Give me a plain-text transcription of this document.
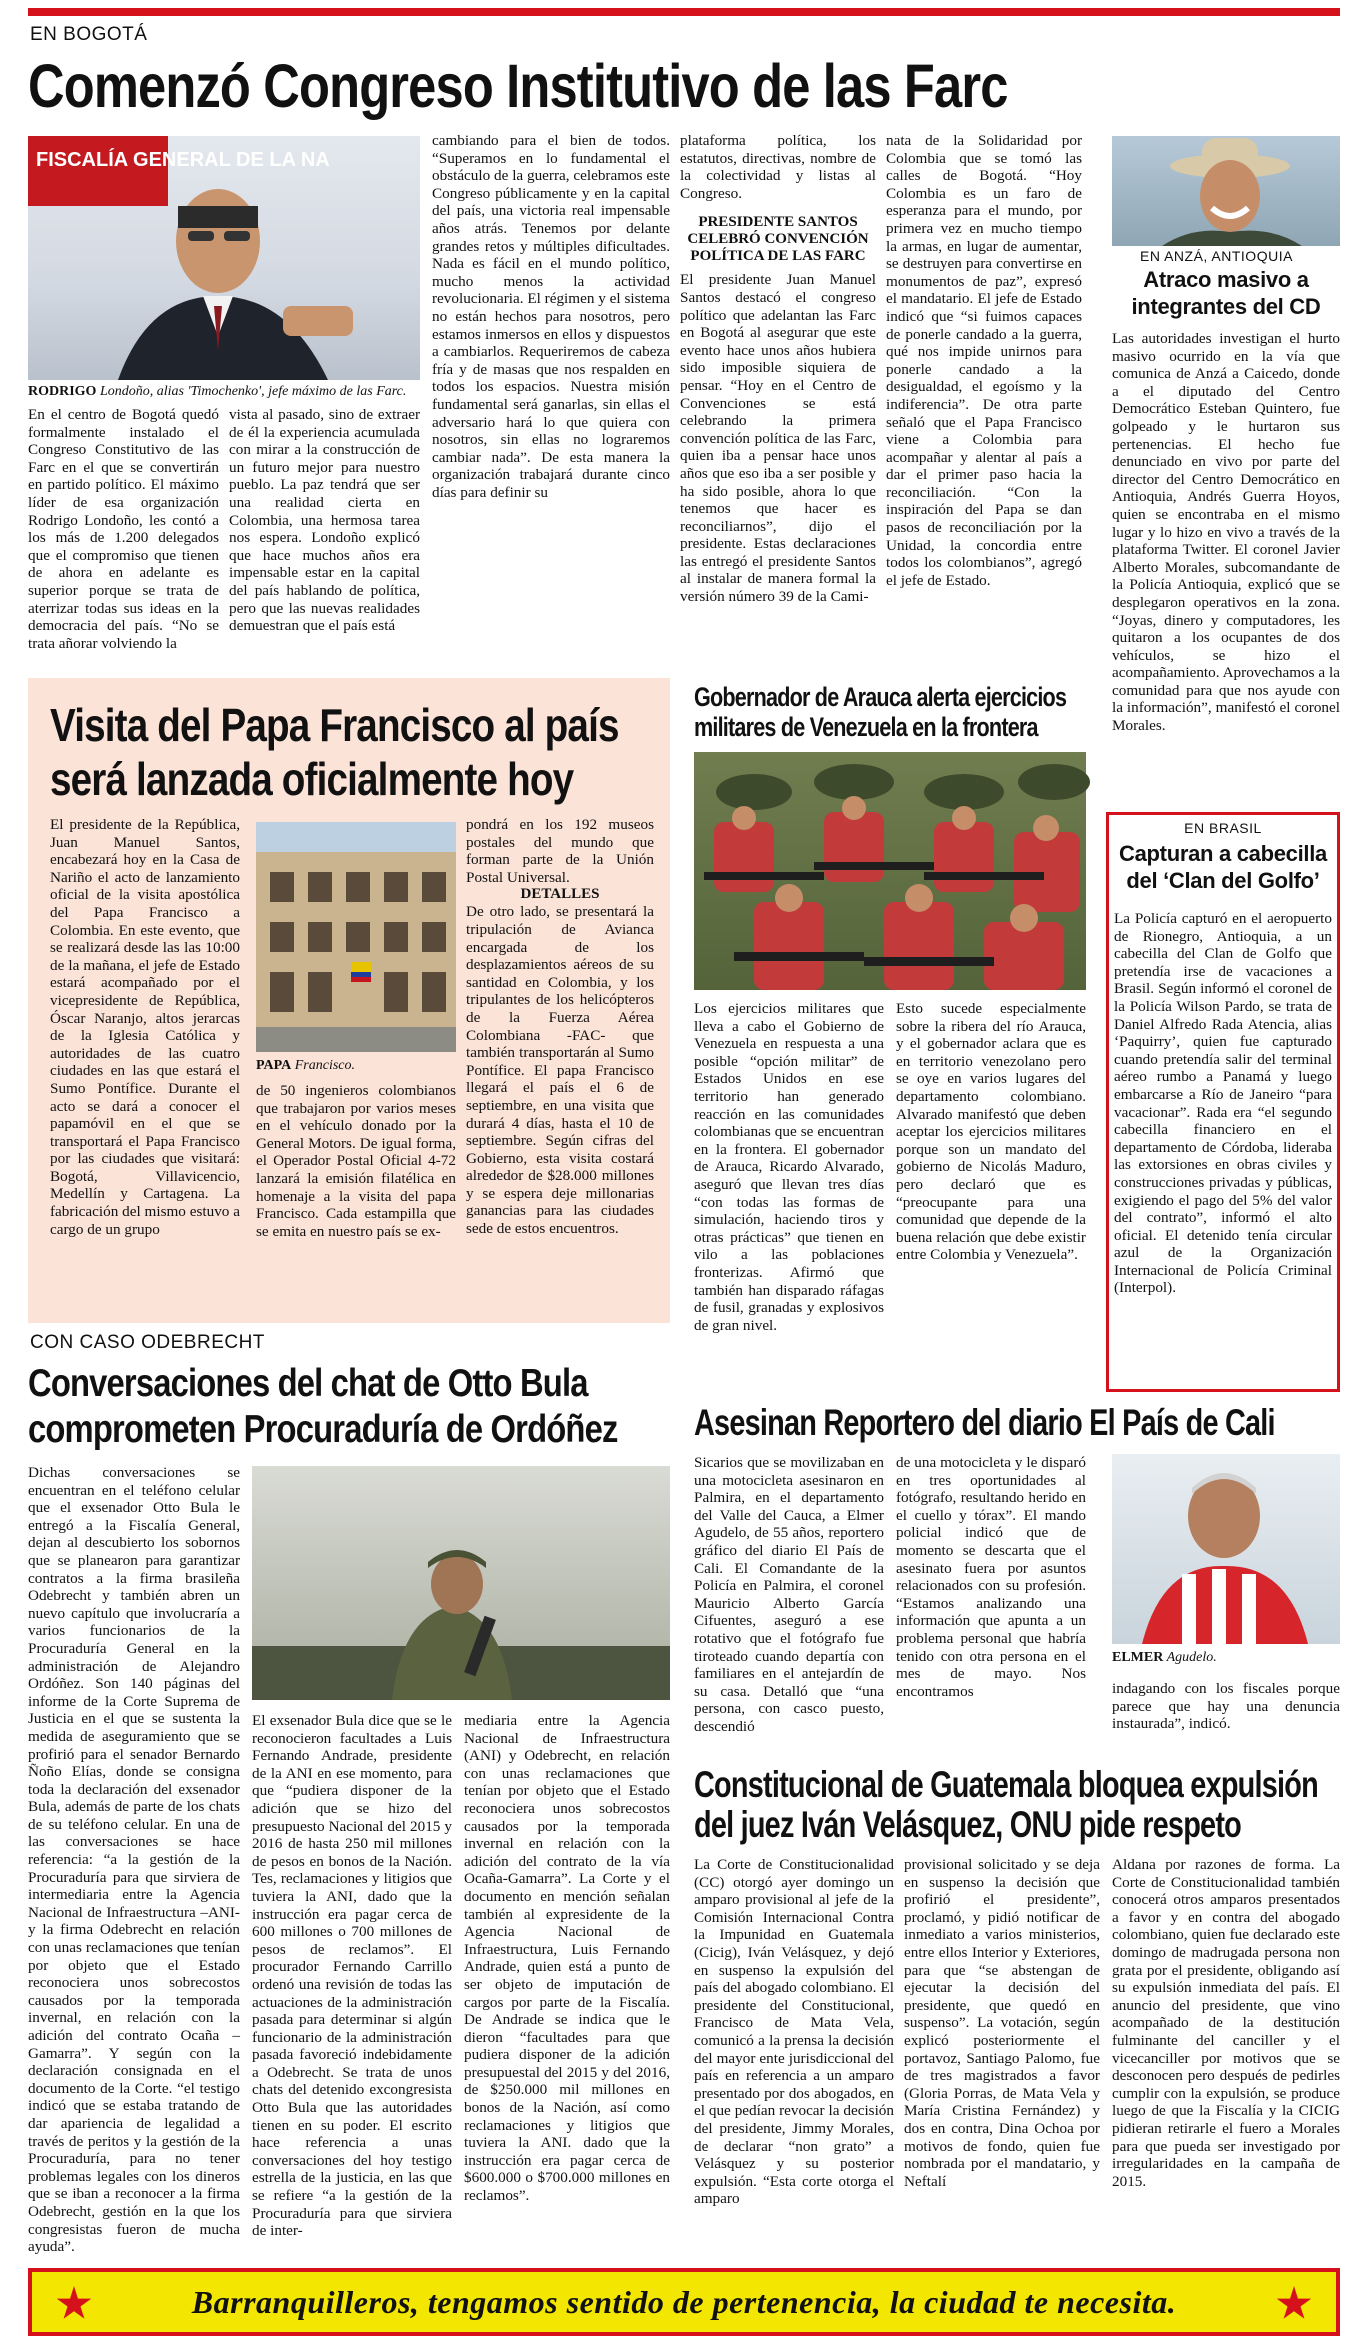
EN BOGOTÁ
Comenzó Congreso Institutivo de las Farc
FISCALÍA GENERAL DE LA NA
RODRIGO Londoño, alias 'Timochenko', jefe máximo de las Farc.
En el centro de Bogotá quedó formalmente instalado el Congreso Constitutivo de las Farc en el que se convertirán en partido político. El máximo líder de esa organización Rodrigo Londoño, les contó a los más de 1.200 delegados que el compromiso que tienen de ahora en adelante es superior porque se trata de aterrizar todas sus ideas en la democracia del país. “No se trata añorar volviendo la
vista al pasado, sino de extraer de él la experiencia acumulada con mirar a la construcción de un futuro mejor para nuestro pueblo. La paz tendrá que ser una realidad cierta en Colombia, una hermosa tarea nos espera. Londoño explicó que hace muchos años era impensable estar en la capital del país hablando de política, pero que las nuevas realidades demuestran que el país está
cambiando para el bien de todos. “Superamos en lo fundamental el obstáculo de la guerra, celebramos este Congreso públicamente y en la capital del país, una victoria real impensable años atrás. Tenemos por delante grandes retos y múltiples dificultades. Nada es fácil en el mundo político, mucho menos la actividad revolucionaria. El régimen y el sistema no están hechos para nosotros, pero estamos inmersos en ellos y dispuestos a cambiarlos. Requeriremos de cabeza fría y de masas que nos respalden en todos los espacios. Nuestra misión fundamental será ganarlas, sin ellas el adversario hará lo que quiera con nosotros, sin ellas no lograremos cambiar nada”. De esta manera la organización trabajará durante cinco días para definir su

plataforma política, los estatutos, directivas, nombre de la colectividad y listas al Congreso.

PRESIDENTE SANTOS CELEBRÓ CONVENCIÓN POLÍTICA DE LAS FARC

El presidente Juan Manuel Santos destacó el congreso político que adelantan las Farc en Bogotá al asegurar que este evento hace unos años hubiera sido imposible siquiera de pensar. “Hoy en el Centro de Convenciones se está celebrando la primera convención política de las Farc, quien iba a pensar hace unos años que eso iba a ser posible y ha sido posible, ahora lo que tenemos que hacer es reconciliarnos”, dijo el presidente. Estas declaraciones las entregó el presidente Santos al instalar de manera formal la versión número 39 de la Cami-

nata de la Solidaridad por Colombia que se tomó las calles de Bogotá. “Hoy Colombia es un faro de esperanza para el mundo, por primera vez en mucho tiempo la armas, en lugar de aumentar, se destruyen para convertirse en monumentos de paz”, expresó el mandatario. El jefe de Estado indicó que “si fuimos capaces de ponerle candado a la guerra, qué nos impide unirnos para ponerle candado a la desigualdad, el egoísmo y la indiferencia”. De otra parte señaló que el Papa Francisco viene a Colombia para acompañar y alentar al país a dar el primer paso hacia la reconciliación. “Con la inspiración del Papa se dan pasos de reconciliación por la Unidad, la concordia entre todos los colombianos”, agregó el jefe de Estado.
EN ANZÁ, ANTIOQUIA
Atraco masivo a integrantes del CD
Las autoridades investigan el hurto masivo ocurrido en la vía que comunica de Anzá a Caicedo, donde a el diputado del Centro Democrático Esteban Quintero, fue golpeado y le hurtaron sus pertenencias. El hecho fue denunciado en vivo por parte del director del Centro Democrático en Antioquia, Andrés Guerra Hoyos, quien se encontraba en el mismo lugar y lo hizo en vivo a través de la plataforma Twitter. El coronel Javier Alberto Morales, subcomandante de la Policía Antioquia, explicó que se desplegaron operativos en la zona. “Joyas, dinero y computadores, les quitaron a los ocupantes de dos vehículos, se hizo el acompañamiento. Aprovechamos a la comunidad para que nos ayude con la información”, manifestó el coronel Morales.
Visita del Papa Francisco al país
será lanzada oficialmente hoy
El presidente de la República, Juan Manuel Santos, encabezará hoy en la Casa de Nariño el acto de lanzamiento oficial de la visita apostólica del Papa Francisco a Colombia. En este evento, que se realizará desde las las 10:00 de la mañana, el jefe de Estado estará acompañado por el vicepresidente de República, Óscar Naranjo, altos jerarcas de la Iglesia Católica y autoridades de las cuatro ciudades en las que estará el Sumo Pontífice. Durante el acto se dará a conocer el papamóvil en el que se transportará el Papa Francisco por las ciudades que visitará: Bogotá, Villavicencio, Medellín y Cartagena. La fabricación del mismo estuvo a cargo de un grupo
PAPA Francisco.
de 50 ingenieros colombianos que trabajaron por varios meses en el vehículo donado por la General Motors. De igual forma, el Operador Postal Oficial 4-72 lanzará la emisión filatélica en homenaje a la visita del papa Francisco. Cada estampilla que se emita en nuestro país se ex-

pondrá en los 192 museos postales del mundo que forman parte de la Unión Postal Universal.

DETALLES

De otro lado, se presentará la tripulación de Avianca encargada de los desplazamientos aéreos de su santidad en Colombia, y los tripulantes de los helicópteros de la Fuerza Aérea Colombiana -FAC- que también transportarán al Sumo Pontífice. El papa Francisco llegará el país el 6 de septiembre, en una visita que durará 4 días, hasta el 10 de septiembre. Según cifras del Gobierno, esta visita costará alrededor de $28.000 millones y se espera deje millonarias ganancias para las ciudades sede de estos encuentros.

Gobernador de Arauca alerta ejercicios
militares de Venezuela en la frontera
Los ejercicios militares que lleva a cabo el Gobierno de Venezuela en respuesta a una posible “opción militar” de Estados Unidos en ese territorio han generado reacción en las comunidades colombianas que se encuentran en la frontera. El gobernador de Arauca, Ricardo Alvarado, aseguró que llevan tres días “con todas las formas de simulación, haciendo tiros y otras prácticas” que tienen en vilo a las poblaciones fronterizas. Afirmó que también han disparado ráfagas de fusil, granadas y explosivos de gran nivel.
Esto sucede especialmente sobre la ribera del río Arauca, y el gobernador aclara que es en territorio venezolano pero se oye en varios lugares del departamento colombiano. Alvarado manifestó que deben aceptar los ejercicios militares porque son un mandato del gobierno de Nicolás Maduro, pero declaró que es “preocupante para una comunidad que depende de la buena relación que debe existir entre Colombia y Venezuela”.
EN BRASIL
Capturan a cabecilla del ‘Clan del Golfo’
La Policía capturó en el aeropuerto de Rionegro, Antioquia, a un cabecilla del Clan de Golfo que pretendía irse de vacaciones a Brasil. Según informó el coronel de la Policía Wilson Pardo, se trata de Daniel Alfredo Rada Atencia, alias ‘Paquirry’, quien fue capturado cuando pretendía salir del terminal aéreo rumbo a Panamá y luego embarcarse a Río de Janeiro “para vacacionar”. Rada era “el segundo cabecilla financiero en el departamento de Córdoba, lideraba las extorsiones en obras civiles y construcciones privadas y públicas, exigiendo el pago del 5% del valor del contrato”, informó el alto oficial. El detenido tenía circular azul de la Organización Internacional de Policía Criminal (Interpol).
CON CASO ODEBRECHT
Conversaciones del chat de Otto Bula
comprometen Procuraduría de Ordóñez
Dichas conversaciones se encuentran en el teléfono celular que el exsenador Otto Bula le entregó a la Fiscalía General, dejan al descubierto los sobornos que se planearon para garantizar contratos a la firma brasileña Odebrecht y también abren un nuevo capítulo que involucraría a varios funcionarios de la Procuraduría General en la administración de Alejandro Ordóñez. Son 140 páginas del informe de la Corte Suprema de Justicia en el que se sustenta la medida de aseguramiento que se profirió para el senador Bernardo Ñoño Elías, donde se consigna toda la declaración del exsenador Bula, además de parte de los chats de su teléfono celular. En una de las conversaciones se hace referencia: “a la gestión de la Procuraduría para que sirviera de intermediaria entre la Agencia Nacional de Infraestructura –ANI- y la firma Odebrecht en relación con unas reclamaciones que tenían por objeto que el Estado reconociera unos sobrecostos causados por la temporada invernal, en relación con la adición del contrato Ocaña –Gamarra”. Y según con la declaración consignada en el documento de la Corte. “el testigo indicó que se estaba tratando de dar apariencia de legalidad a través de peritos y la gestión de la Procuraduría, para no tener problemas legales con los dineros que se iban a reconocer a la firma Odebrecht, gestión en la que los congresistas fueron de mucha ayuda”.
El exsenador Bula dice que se le reconocieron facultades a Luis Fernando Andrade, presidente de la ANI en ese momento, para que “pudiera disponer de la adición que se hizo del presupuesto Nacional del 2015 y 2016 de hasta 250 mil millones de pesos en bonos de la Nación. Tes, reclamaciones y litigios que tuviera la ANI, dado que la instrucción era pagar cerca de 600 millones o 700 millones de pesos de reclamos”. El procurador Fernando Carrillo ordenó una revisión de todas las actuaciones de la administración pasada para determinar si algún funcionario de la administración pasada favoreció indebidamente a Odebrecht. Se trata de unos chats del detenido excongresista Otto Bula que las autoridades tienen en su poder. El escrito hace referencia a unas conversaciones del hoy testigo estrella de la justicia, en las que se refiere “a la gestión de la Procuraduría para que sirviera de inter-
mediaria entre la Agencia Nacional de Infraestructura (ANI) y Odebrecht, en relación con unas reclamaciones que tenían por objeto que el Estado reconociera unos sobrecostos causados por la temporada invernal en relación con la adición del contrato de la vía Ocaña-Gamarra”. La Corte y el documento en mención señalan también al expresidente de la Agencia Nacional de Infraestructura, Luis Fernando Andrade, quien está a punto de ser objeto de imputación de cargos por parte de la Fiscalía. De Andrade se indica que le dieron “facultades para que pudiera disponer de la adición presupuestal del 2015 y del 2016, de $250.000 mil millones en bonos de la Nación, así como reclamaciones y litigios que tuviera la ANI. dado que la instrucción era pagar cerca de $600.000 o $700.000 millones en reclamos”.
Asesinan Reportero del diario El País de Cali
Sicarios que se movilizaban en una motocicleta asesinaron en Palmira, en el departamento del Valle del Cauca, a Elmer Agudelo, de 55 años, reportero gráfico del diario El País de Cali. El Comandante de la Policía en Palmira, el coronel Mauricio Alberto García Cifuentes, aseguró a ese rotativo que el fotógrafo fue tiroteado cuando departía con familiares en el antejardín de su casa. Detalló que “una persona, con casco puesto, descendió
de una motocicleta y le disparó en tres oportunidades al fotógrafo, resultando herido en el cuello y tórax”. El mando policial indicó que de momento se descarta que el asesinato fuera por asuntos relacionados con su profesión. “Estamos analizando una información que apunta a un problema personal que habría tenido con otra persona en el mes de mayo. Nos encontramos
ELMER Agudelo.
indagando con los fiscales porque parece que hay una denuncia instaurada”, indicó.
Constitucional de Guatemala bloquea expulsión
del juez Iván Velásquez, ONU pide respeto
La Corte de Constitucionalidad (CC) otorgó ayer domingo un amparo provisional al jefe de la Comisión Internacional Contra la Impunidad en Guatemala (Cicig), Iván Velásquez, y dejó en suspenso la expulsión del país del abogado colombiano. El presidente del Constitucional, Francisco de Mata Vela, comunicó a la prensa la decisión del mayor ente jurisdiccional del país en referencia a un amparo presentado por dos abogados, en el que pedían revocar la decisión del presidente, Jimmy Morales, de declarar “non grato” a Velásquez y su posterior expulsión. “Esta corte otorga el amparo
provisional solicitado y se deja en suspenso la decisión que profirió el presidente”, proclamó, y pidió notificar de inmediato a varios ministerios, entre ellos Interior y Exteriores, para que “se abstengan de ejecutar la decisión del presidente, que quedó en suspenso”. La votación, según explicó posteriormente el portavoz, Santiago Palomo, fue de tres magistrados a favor (Gloria Porras, de Mata Vela y María Cristina Fernández) y dos en contra, Dina Ochoa por motivos de fondo, quien fue nombrada por el mandatario, y Neftalí
Aldana por razones de forma. La Corte de Constitucionalidad también conocerá otros amparos presentados a favor y en contra del abogado colombiano, quien fue declarado este domingo de madrugada persona non grata por el presidente, obligando así su expulsión inmediata del país. El anuncio del presidente, que vino acompañado de la destitución fulminante del canciller y el vicecanciller por motivos que se desconocen pero después de pedirles cumplir con la expulsión, se produce luego de que la Fiscalía y la CICIG pidieran retirarle el fuero a Morales para que pueda ser investigado por irregularidades en la campaña de 2015.
Barranquilleros, tengamos sentido de pertenencia, la ciudad te necesita.
